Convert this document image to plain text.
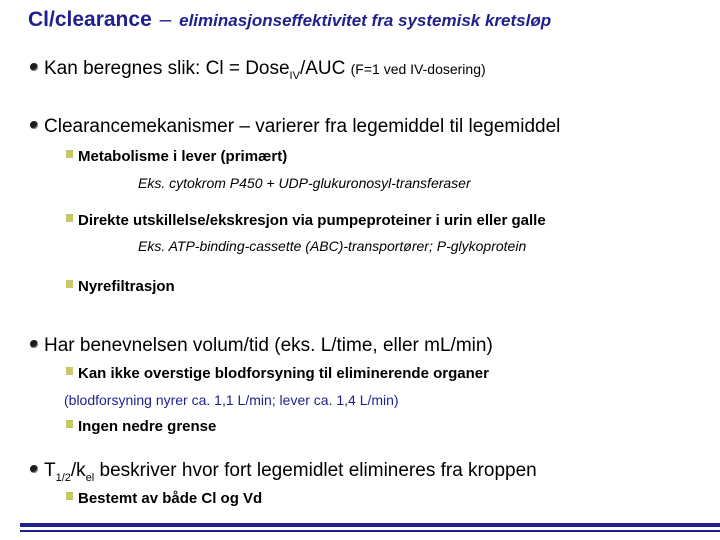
Cl/clearance – eliminasjonseffektivitet fra systemisk kretsløp
Kan beregnes slik: Cl = Dose$_{IV}$/AUC (F=1 ved IV-dosering)
Clearancemekanismer – varierer fra legemiddel til legemiddel
Metabolisme i lever (primært)
Eks. cytokrom P450 + UDP-glukuronosyl-transferaser
Direkte utskillelse/ekskresjon via pumpeproteiner i urin eller galle
Eks. ATP-binding-cassette (ABC)-transportører; P-glykoprotein
Nyrefiltrasjon
Har benevnelsen volum/tid (eks. L/time, eller mL/min)
Kan ikke overstige blodforsyning til eliminerende organer
(blodforsyning nyrer ca. 1,1 L/min; lever ca. 1,4 L/min)
Ingen nedre grense
$T_{1/2}/k_{el}$ beskriver hvor fort legemidlet elimineres fra kroppen
Bestemt av både Cl og Vd
